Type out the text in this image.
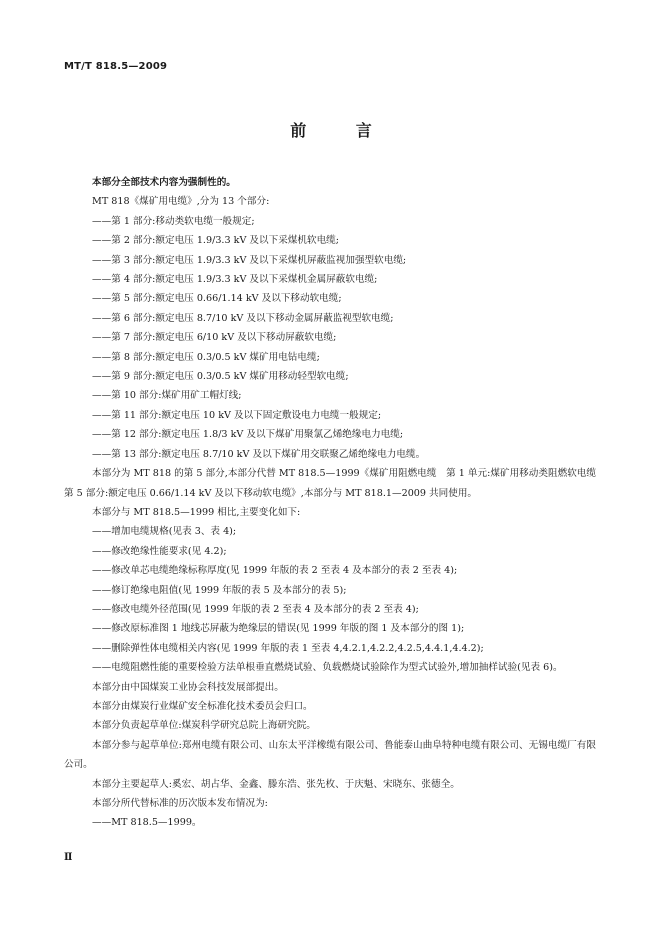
MT/T 818.5—2009
前 言

本部分全部技术内容为强制性的。

MT 818《煤矿用电缆》,分为 13 个部分:

——第 1 部分:移动类软电缆一般规定;
——第 2 部分:额定电压 1.9/3.3 kV 及以下采煤机软电缆;
——第 3 部分:额定电压 1.9/3.3 kV 及以下采煤机屏蔽监视加强型软电缆;
——第 4 部分:额定电压 1.9/3.3 kV 及以下采煤机金属屏蔽软电缆;
——第 5 部分:额定电压 0.66/1.14 kV 及以下移动软电缆;
——第 6 部分:额定电压 8.7/10 kV 及以下移动金属屏蔽监视型软电缆;
——第 7 部分:额定电压 6/10 kV 及以下移动屏蔽软电缆;
——第 8 部分:额定电压 0.3/0.5 kV 煤矿用电钻电缆;
——第 9 部分:额定电压 0.3/0.5 kV 煤矿用移动轻型软电缆;
——第 10 部分:煤矿用矿工帽灯线;
——第 11 部分:额定电压 10 kV 及以下固定敷设电力电缆一般规定;
——第 12 部分:额定电压 1.8/3 kV 及以下煤矿用聚氯乙烯绝缘电力电缆;
——第 13 部分:额定电压 8.7/10 kV 及以下煤矿用交联聚乙烯绝缘电力电缆。

本部分为 MT 818 的第 5 部分,本部分代替 MT 818.5—1999《煤矿用阻燃电缆　第 1 单元:煤矿用移动类阻燃软电缆　第 5 部分:额定电压 0.66/1.14 kV 及以下移动软电缆》,本部分与 MT 818.1—2009 共同使用。

本部分与 MT 818.5—1999 相比,主要变化如下:

——增加电缆规格(见表 3、表 4);
——修改绝缘性能要求(见 4.2);
——修改单芯电缆绝缘标称厚度(见 1999 年版的表 2 至表 4 及本部分的表 2 至表 4);
——修订绝缘电阻值(见 1999 年版的表 5 及本部分的表 5);
——修改电缆外径范围(见 1999 年版的表 2 至表 4 及本部分的表 2 至表 4);
——修改原标准图 1 地线芯屏蔽为绝缘层的错误(见 1999 年版的图 1 及本部分的图 1);
——删除弹性体电缆相关内容(见 1999 年版的表 1 至表 4,4.2.1,4.2.2,4.2.5,4.4.1,4.4.2);
——电缆阻燃性能的重要检验方法单根垂直燃烧试验、负载燃烧试验除作为型式试验外,增加抽样试验(见表 6)。

本部分由中国煤炭工业协会科技发展部提出。

本部分由煤炭行业煤矿安全标准化技术委员会归口。

本部分负责起草单位:煤炭科学研究总院上海研究院。

本部分参与起草单位:郑州电缆有限公司、山东太平洋橡缆有限公司、鲁能泰山曲阜特种电缆有限公司、无锡电缆厂有限公司。

本部分主要起草人:奚宏、胡占华、金鑫、滕东浩、张先枚、于庆魁、宋晓东、张德全。

本部分所代替标准的历次版本发布情况为:

——MT 818.5—1999。
Ⅱ
